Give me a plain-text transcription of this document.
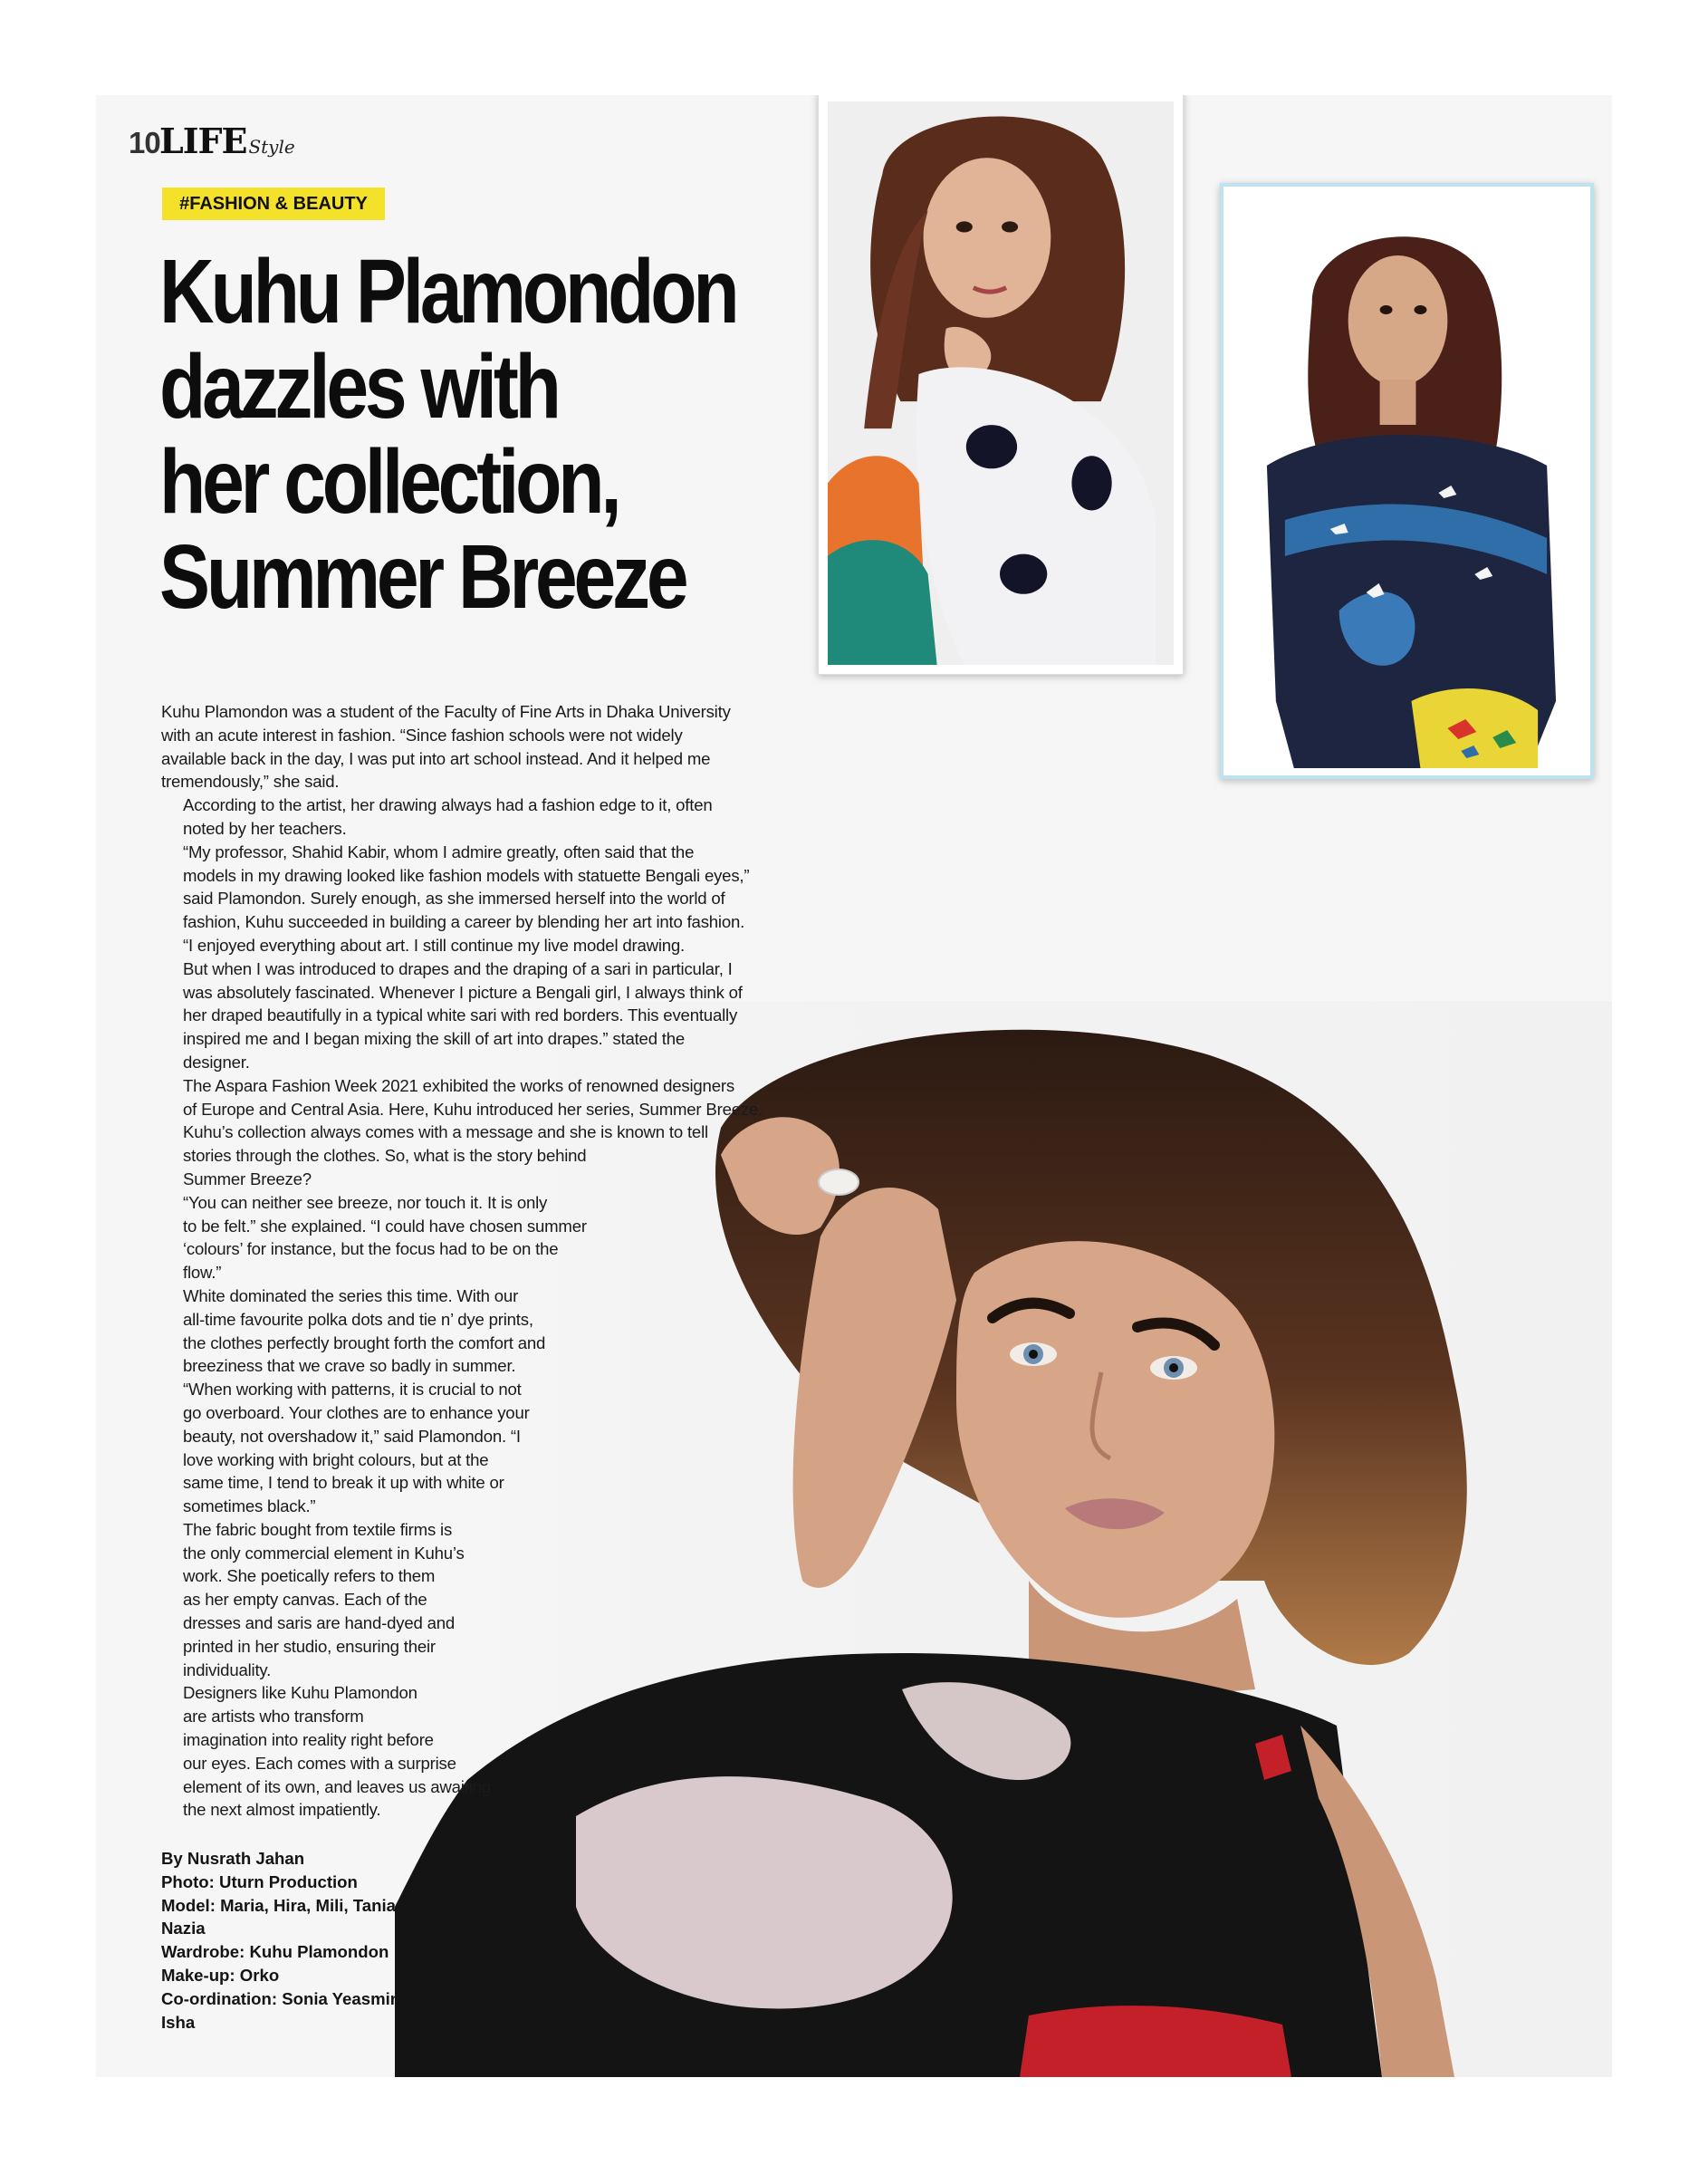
10 LIFE Style
#FASHION & BEAUTY
Kuhu Plamondon
dazzles with
her collection,
Summer Breeze

Kuhu Plamondon was a student of the Faculty of Fine Arts in Dhaka University
with an acute interest in fashion. “Since fashion schools were not widely
available back in the day, I was put into art school instead. And it helped me
tremendously,” she said.

According to the artist, her drawing always had a fashion edge to it, often
noted by her teachers.

“My professor, Shahid Kabir, whom I admire greatly, often said that the
models in my drawing looked like fashion models with statuette Bengali eyes,”
said Plamondon. Surely enough, as she immersed herself into the world of
fashion, Kuhu succeeded in building a career by blending her art into fashion.

“I enjoyed everything about art. I still continue my live model drawing.
But when I was introduced to drapes and the draping of a sari in particular, I
was absolutely fascinated. Whenever I picture a Bengali girl, I always think of
her draped beautifully in a typical white sari with red borders. This eventually
inspired me and I began mixing the skill of art into drapes.” stated the
designer.

The Aspara Fashion Week 2021 exhibited the works of renowned designers
of Europe and Central Asia. Here, Kuhu introduced her series, Summer Breeze.
Kuhu’s collection always comes with a message and she is known to tell
stories through the clothes. So, what is the story behind
Summer Breeze?

“You can neither see breeze, nor touch it. It is only
to be felt.” she explained. “I could have chosen summer
‘colours’ for instance, but the focus had to be on the
flow.”

White dominated the series this time. With our
all-time favourite polka dots and tie n’ dye prints,
the clothes perfectly brought forth the comfort and
breeziness that we crave so badly in summer.

“When working with patterns, it is crucial to not
go overboard. Your clothes are to enhance your
beauty, not overshadow it,” said Plamondon. “I
love working with bright colours, but at the
same time, I tend to break it up with white or
sometimes black.”

The fabric bought from textile firms is
the only commercial element in Kuhu’s
work. She poetically refers to them
as her empty canvas. Each of the
dresses and saris are hand-dyed and
printed in her studio, ensuring their
individuality.

Designers like Kuhu Plamondon
are artists who transform
imagination into reality right before
our eyes. Each comes with a surprise
element of its own, and leaves us awaiting
the next almost impatiently.

By Nusrath Jahan
Photo: Uturn Production
Model: Maria, Hira, Mili, Tania, Efa,
Nazia
Wardrobe: Kuhu Plamondon
Make-up: Orko
Co-ordination: Sonia Yeasmin
Isha
